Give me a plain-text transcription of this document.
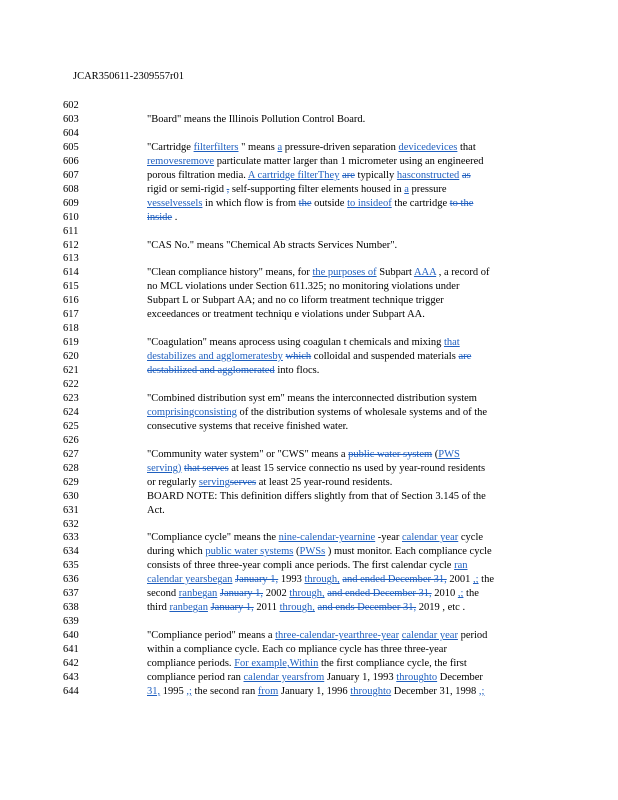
JCAR350611-2309557r01
602
603	"Board" means the Illinois Pollution Control Board.
604
605	"Cartridge filterfilters " means a pressure-driven separation devicedevices that
606	removesremove particulate matter larger than 1 micrometer using an engineered
607	porous filtration media. A cartridge filterThey are typically hasconstructed as
608	rigid or semi-rigid , self-supporting filter elements housed in a pressure
609	vesselvessels in which flow is from the outside to insideof the cartridge to the
610	inside .
611
612	"CAS No." means "Chemical Ab stracts Services Number".
613
614	"Clean compliance history" means, for the purposes of Subpart AAA , a record of
615	no MCL violations under Section 611.325; no monitoring violations under
616	Subpart L or Subpart AA; and no co liform treatment technique trigger
617	exceedances or treatment techniqu e violations under Subpart AA.
618
619	"Coagulation" means aprocess using coagulan t chemicals and mixing that
620	destabilizes and agglomeratesby which colloidal and suspended materials are
621	destabilized and agglomerated into flocs.
622
623	"Combined distribution syst em" means the interconnected distribution system
624	comprisingconsisting of the distribution systems of wholesale systems and of the
625	consecutive systems that receive finished water.
626
627	"Community water system" or "CWS" means a public water system (PWS
628	serving) that serves at least 15 service connectio ns used by year-round residents
629	or regularly servingserves at least 25 year-round residents.
630	BOARD NOTE: This definition differs slightly from that of Section 3.145 of the
631	Act.
632
633	"Compliance cycle" means the nine-calendar-yearnine -year calendar year cycle
634	during which public water systems (PWSs ) must monitor. Each compliance cycle
635	consists of three three-year compli ance periods. The first calendar cycle ran
636	calendar yearsbegan January 1, 1993 through, and ended December 31, 2001 ,; the
637	second ranbegan January 1, 2002 through, and ended December 31, 2010 ,; the
638	third ranbegan January 1, 2011 through, and ends December 31, 2019 , etc .
639
640	"Compliance period" means a three-calendar-yearthree-year calendar year period
641	within a compliance cycle. Each co mpliance cycle has three three-year
642	compliance periods. For example,Within the first compliance cycle, the first
643	compliance period ran calendar yearsfrom January 1, 1993 throughto December
644	31, 1995 ,; the second ran from January 1, 1996 throughto December 31, 1998 ,;
